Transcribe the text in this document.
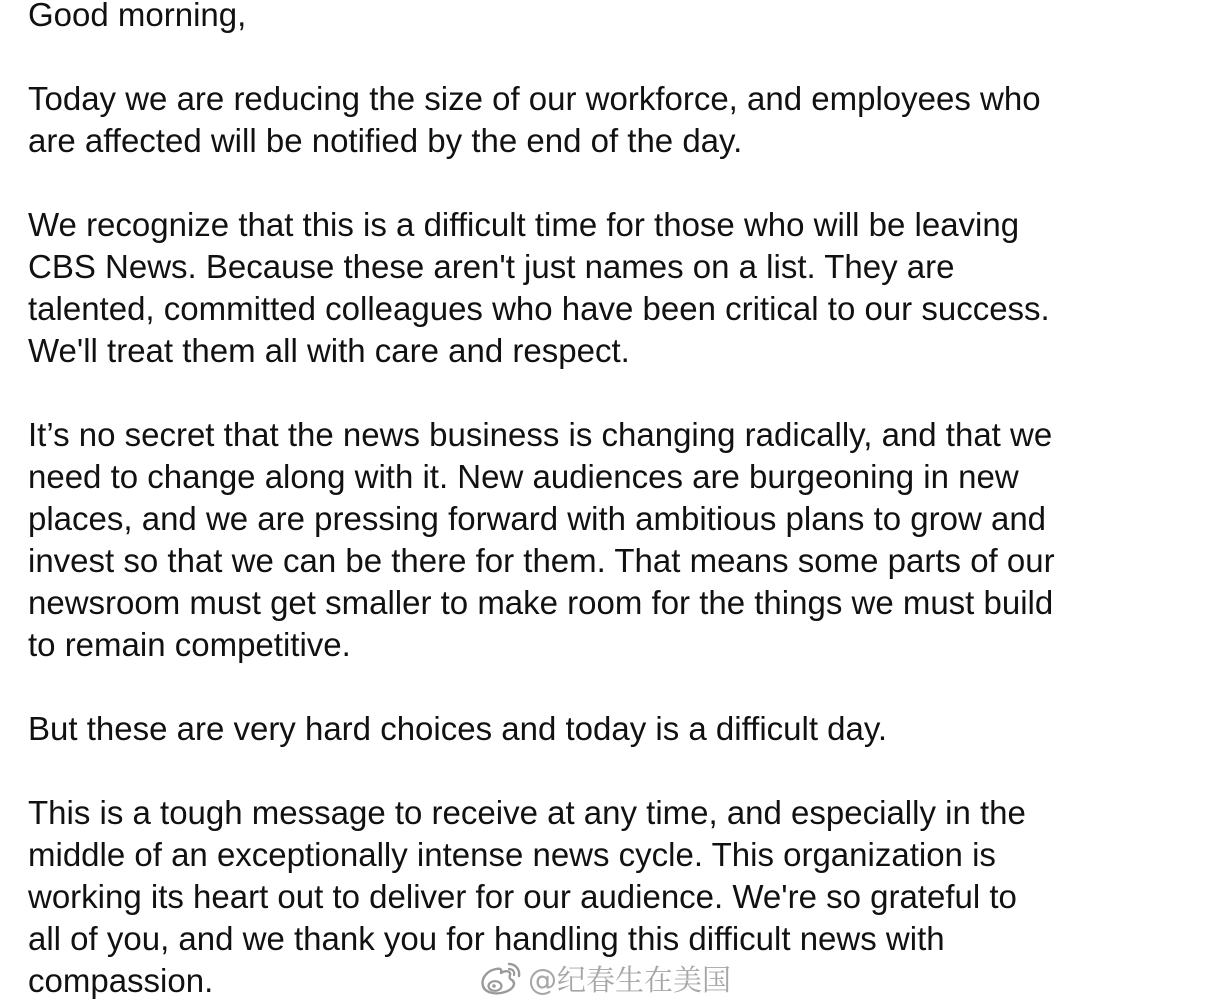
Good morning,

Today we are reducing the size of our workforce, and employees who
are affected will be notified by the end of the day.

We recognize that this is a difficult time for those who will be leaving
CBS News. Because these aren't just names on a list. They are
talented, committed colleagues who have been critical to our success.
We'll treat them all with care and respect.

It’s no secret that the news business is changing radically, and that we
need to change along with it. New audiences are burgeoning in new
places, and we are pressing forward with ambitious plans to grow and
invest so that we can be there for them. That means some parts of our
newsroom must get smaller to make room for the things we must build
to remain competitive.

But these are very hard choices and today is a difficult day.

This is a tough message to receive at any time, and especially in the
middle of an exceptionally intense news cycle. This organization is
working its heart out to deliver for our audience. We're so grateful to
all of you, and we thank you for handling this difficult news with
compassion.	@纪春生在美国
